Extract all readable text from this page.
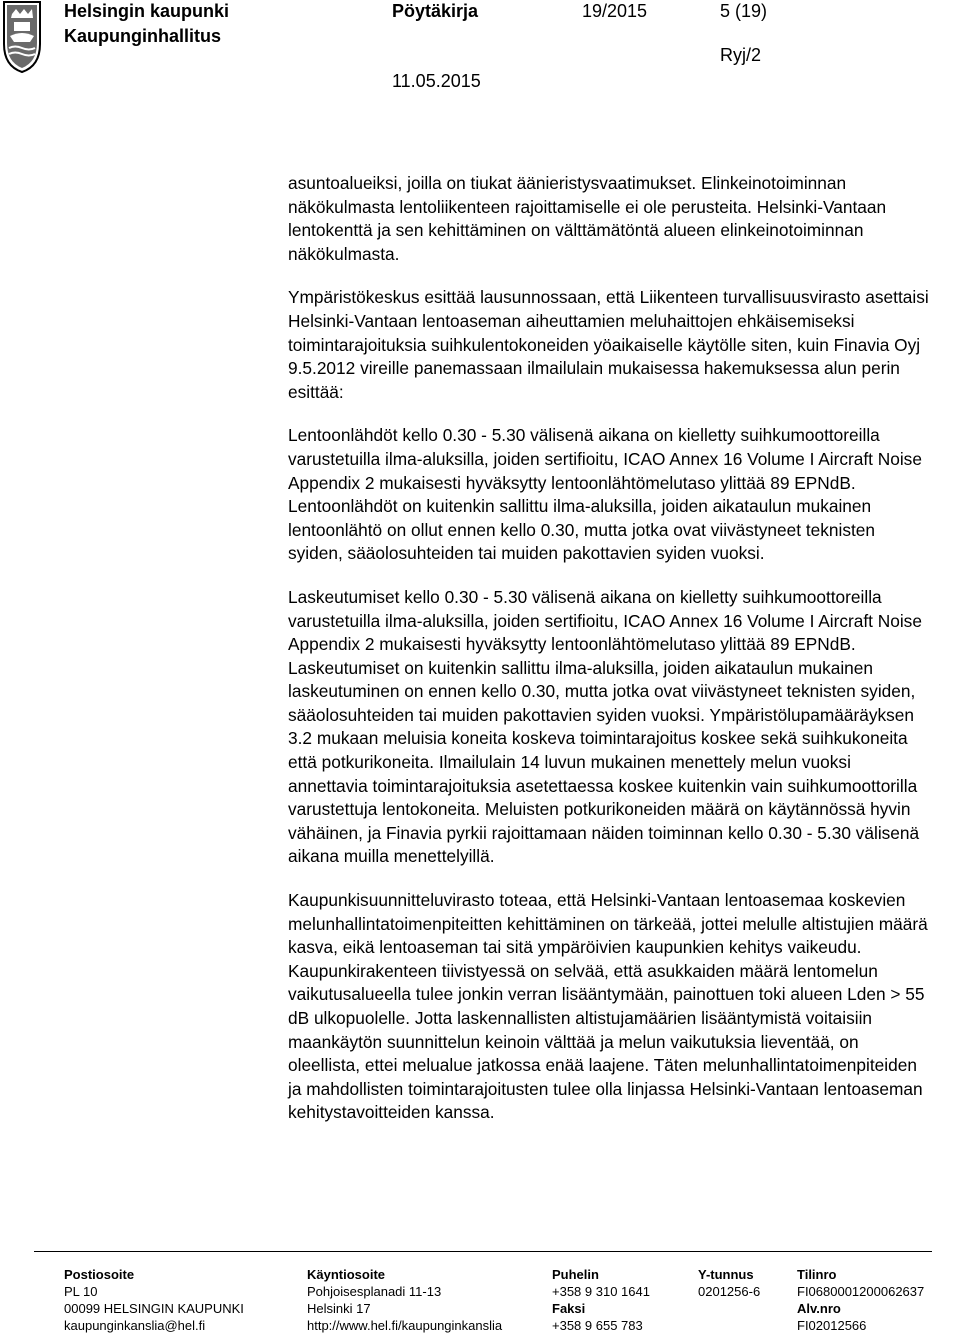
Helsingin kaupunki
Kaupunginhallitus
Pöytäkirja	19/2015	5 (19)
Ryj/2
11.05.2015

asuntoalueiksi, joilla on tiukat äänieristysvaatimukset. Elinkeinotoiminnan näkökulmasta lentoliikenteen rajoittamiselle ei ole perusteita. Helsinki-Vantaan lentokenttä ja sen kehittäminen on välttämätöntä alueen elinkeinotoiminnan näkökulmasta.

Ympäristökeskus esittää lausunnossaan, että Liikenteen turvallisuusvirasto asettaisi Helsinki-Vantaan lentoaseman aiheuttamien meluhaittojen ehkäisemiseksi toimintarajoituksia suihkulentokoneiden yöaikaiselle käytölle siten, kuin Finavia Oyj 9.5.2012 vireille panemassaan ilmailulain mukaisessa hakemuksessa alun perin esittää:

Lentoonlähdöt kello 0.30 - 5.30 välisenä aikana on kielletty suihkumoottoreilla varustetuilla ilma-aluksilla, joiden sertifioitu, ICAO Annex 16 Volume I Aircraft Noise Appendix 2 mukaisesti hyväksytty lentoonlähtömelutaso ylittää 89 EPNdB. Lentoonlähdöt on kuitenkin sallittu ilma-aluksilla, joiden aikataulun mukainen lentoonlähtö on ollut ennen kello 0.30, mutta jotka ovat viivästyneet teknisten syiden, sääolosuhteiden tai muiden pakottavien syiden vuoksi.

Laskeutumiset kello 0.30 - 5.30 välisenä aikana on kielletty suihkumoottoreilla varustetuilla ilma-aluksilla, joiden sertifioitu, ICAO Annex 16 Volume I Aircraft Noise Appendix 2 mukaisesti hyväksytty lentoonlähtömelutaso ylittää 89 EPNdB. Laskeutumiset on kuitenkin sallittu ilma-aluksilla, joiden aikataulun mukainen laskeutuminen on ennen kello 0.30, mutta jotka ovat viivästyneet teknisten syiden, sääolosuhteiden tai muiden pakottavien syiden vuoksi. Ympäristölupamääräyksen 3.2 mukaan meluisia koneita koskeva toimintarajoitus koskee sekä suihkukoneita että potkurikoneita. Ilmailulain 14 luvun mukainen menettely melun vuoksi annettavia toimintarajoituksia asetettaessa koskee kuitenkin vain suihkumoottorilla varustettuja lentokoneita. Meluisten potkurikoneiden määrä on käytännössä hyvin vähäinen, ja Finavia pyrkii rajoittamaan näiden toiminnan kello 0.30 - 5.30 välisenä aikana muilla menettelyillä.

Kaupunkisuunnitteluvirasto toteaa, että Helsinki-Vantaan lentoasemaa koskevien melunhallintatoimenpiteitten kehittäminen on tärkeää, jottei melulle altistujien määrä kasva, eikä lentoaseman tai sitä ympäröivien kaupunkien kehitys vaikeudu. Kaupunkirakenteen tiivistyessä on selvää, että asukkaiden määrä lentomelun vaikutusalueella tulee jonkin verran lisääntymään, painottuen toki alueen Lden > 55 dB ulkopuolelle. Jotta laskennallisten altistujamäärien lisääntymistä voitaisiin maankäytön suunnittelun keinoin välttää ja melun vaikutuksia lieventää, on oleellista, ettei melualue jatkossa enää laajene. Täten melunhallintatoimenpiteiden ja mahdollisten toimintarajoitusten tulee olla linjassa Helsinki-Vantaan lentoaseman kehitystavoitteiden kanssa.

Postiosoite
PL 10
00099 HELSINGIN KAUPUNKI
kaupunginkanslia@hel.fi
Käyntiosoite
Pohjoisesplanadi 11-13
Helsinki 17
http://www.hel.fi/kaupunginkanslia
Puhelin
+358 9 310 1641
Faksi
+358 9 655 783
Y-tunnus
0201256-6
Tilinro
FI0680001200062637
Alv.nro
FI02012566
